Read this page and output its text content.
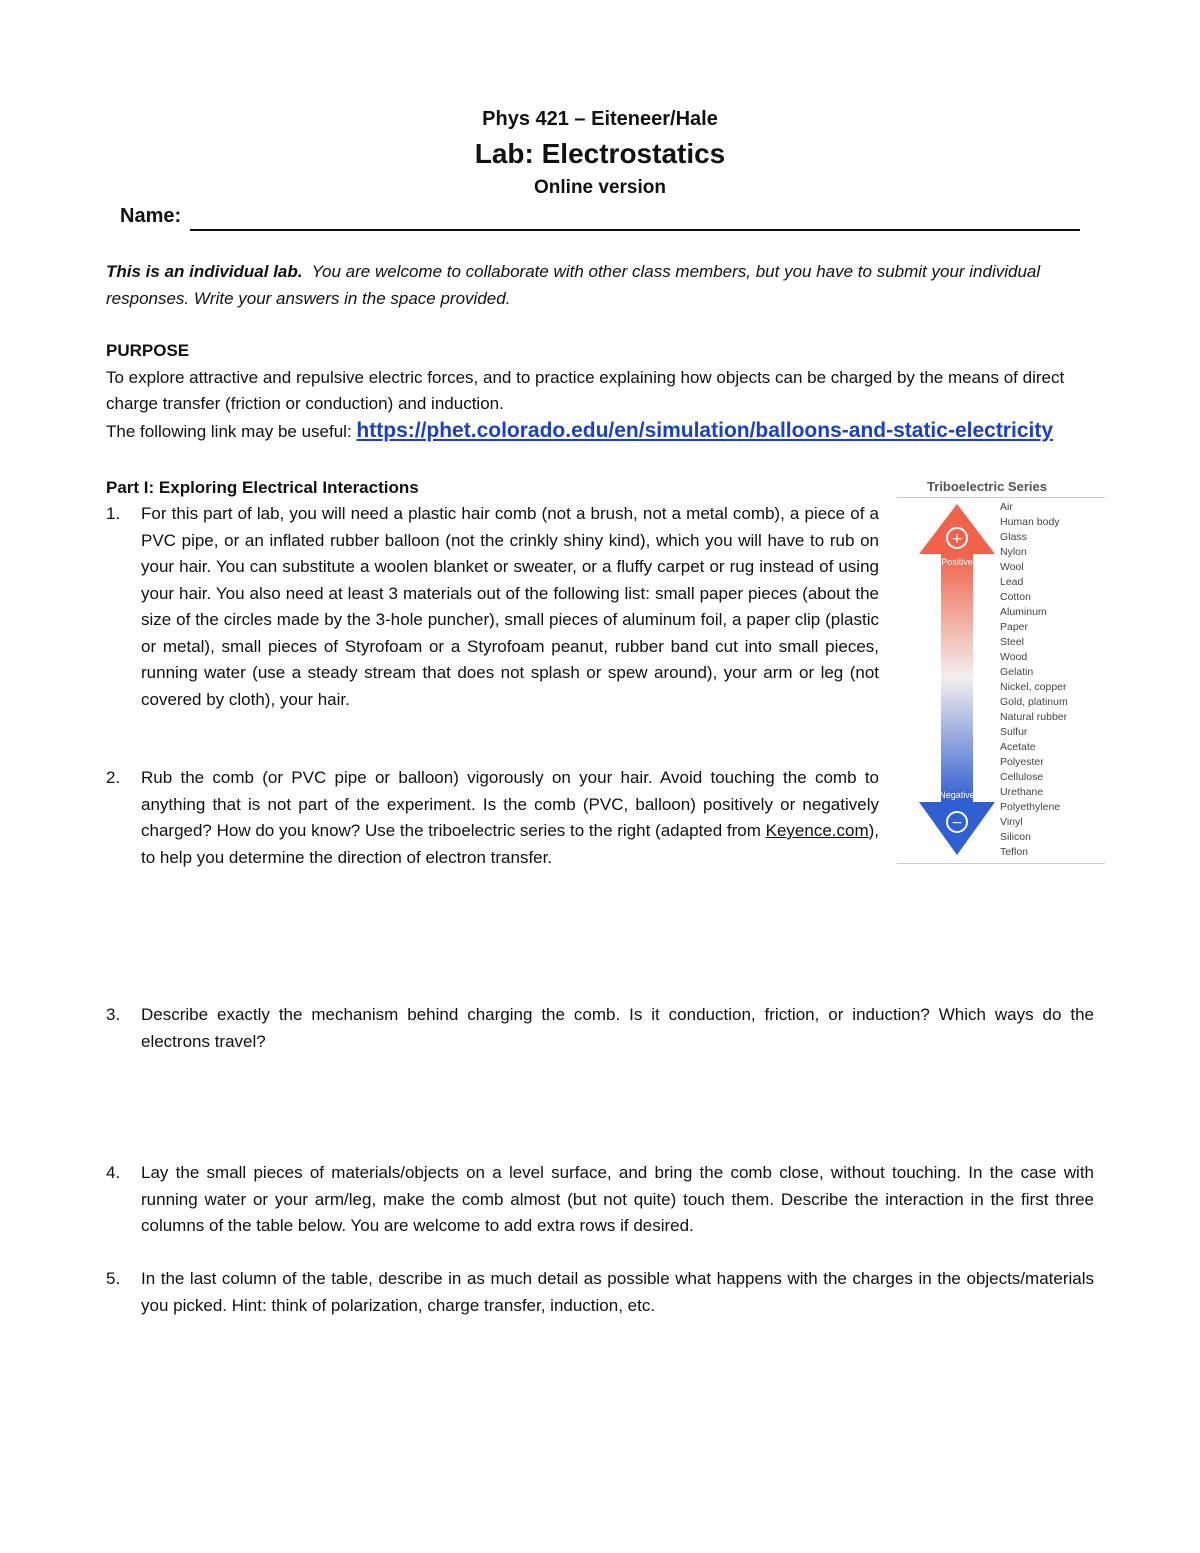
Phys 421 – Eiteneer/Hale
Lab: Electrostatics
Online version
Name:
This is an individual lab. You are welcome to collaborate with other class members, but you have to submit your individual responses. Write your answers in the space provided.
PURPOSE
To explore attractive and repulsive electric forces, and to practice explaining how objects can be charged by the means of direct charge transfer (friction or conduction) and induction.
The following link may be useful: https://phet.colorado.edu/en/simulation/balloons-and-static-electricity
Part I: Exploring Electrical Interactions
1.	For this part of lab, you will need a plastic hair comb (not a brush, not a metal comb), a piece of a PVC pipe, or an inflated rubber balloon (not the crinkly shiny kind), which you will have to rub on your hair. You can substitute a woolen blanket or sweater, or a fluffy carpet or rug instead of using your hair. You also need at least 3 materials out of the following list: small paper pieces (about the size of the circles made by the 3-hole puncher), small pieces of aluminum foil, a paper clip (plastic or metal), small pieces of Styrofoam or a Styrofoam peanut, rubber band cut into small pieces, running water (use a steady stream that does not splash or spew around), your arm or leg (not covered by cloth), your hair.
2.	Rub the comb (or PVC pipe or balloon) vigorously on your hair. Avoid touching the comb to anything that is not part of the experiment. Is the comb (PVC, balloon) positively or negatively charged? How do you know? Use the triboelectric series to the right (adapted from Keyence.com), to help you determine the direction of electron transfer.
3.	Describe exactly the mechanism behind charging the comb. Is it conduction, friction, or induction? Which ways do the electrons travel?
4.	Lay the small pieces of materials/objects on a level surface, and bring the comb close, without touching. In the case with running water or your arm/leg, make the comb almost (but not quite) touch them. Describe the interaction in the first three columns of the table below. You are welcome to add extra rows if desired.
5.	In the last column of the table, describe in as much detail as possible what happens with the charges in the objects/materials you picked. Hint: think of polarization, charge transfer, induction, etc.
Triboelectric Series
+
Positive
Negative
−
Air
Human body
Glass
Nylon
Wool
Lead
Cotton
Aluminum
Paper
Steel
Wood
Gelatin
Nickel, copper
Gold, platinum
Natural rubber
Sulfur
Acetate
Polyester
Cellulose
Urethane
Polyethylene
Vinyl
Silicon
Teflon
